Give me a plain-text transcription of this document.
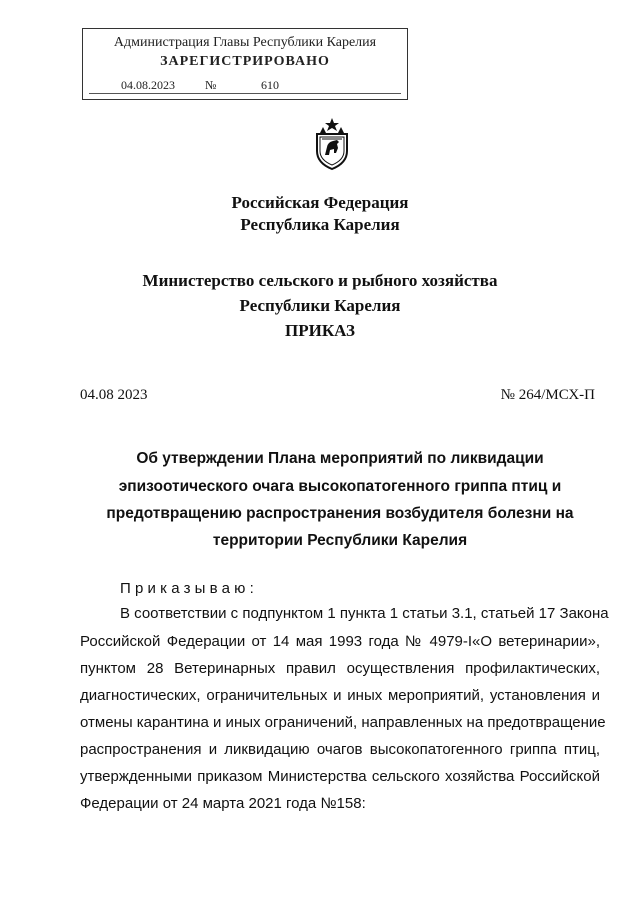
Администрация Главы Республики Карелия
ЗАРЕГИСТРИРОВАНО
04.08.2023	№	610
Российская Федерация
Республика Карелия
Министерство сельского и рыбного хозяйства
Республики Карелия
ПРИКАЗ
04.08 2023	№ 264/МСХ-П
Об утверждении Плана мероприятий по ликвидации
эпизоотического очага высокопатогенного гриппа птиц и
предотвращению распространения возбудителя болезни на
территории Республики Карелия
Приказываю:
В соответствии с подпунктом 1 пункта 1 статьи 3.1, статьей 17 Закона
Российской Федерации от 14 мая 1993 года № 4979-I«О ветеринарии»,
пунктом 28 Ветеринарных правил осуществления профилактических,
диагностических, ограничительных и иных мероприятий, установления и
отмены карантина и иных ограничений, направленных на предотвращение
распространения и ликвидацию очагов высокопатогенного гриппа птиц,
утвержденными приказом Министерства сельского хозяйства Российской
Федерации от 24 марта 2021 года №158:
